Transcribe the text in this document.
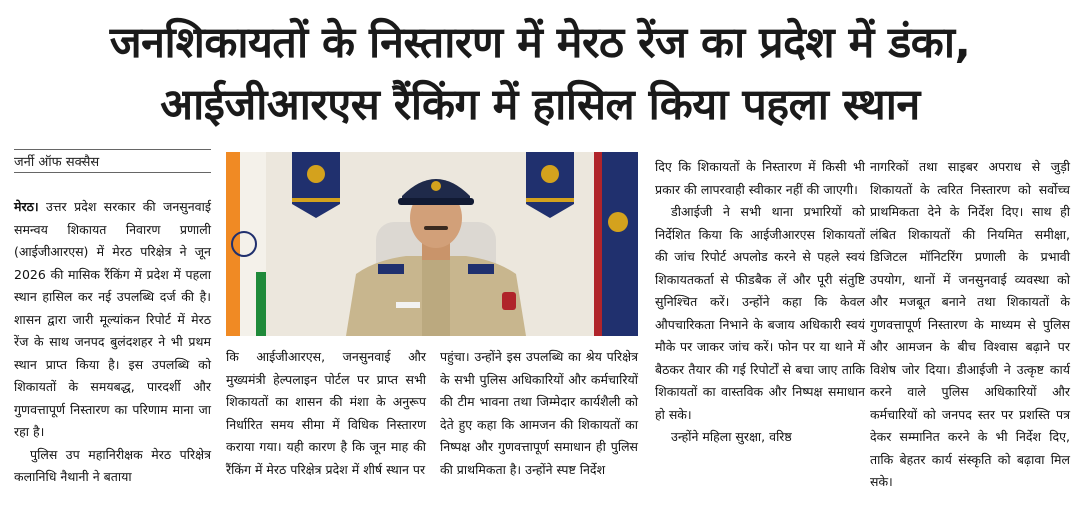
जनशिकायतों के निस्तारण में मेरठ रेंज का प्रदेश में डंका,
आईजीआरएस रैंकिंग में हासिल किया पहला स्थान
जर्नी ऑफ सक्सैस

मेरठ। उत्तर प्रदेश सरकार की जनसुनवाई समन्वय शिकायत निवारण प्रणाली (आईजीआरएस) में मेरठ परिक्षेत्र ने जून 2026 की मासिक रैंकिंग में प्रदेश में पहला स्थान हासिल कर नई उपलब्धि दर्ज की है। शासन द्वारा जारी मूल्यांकन रिपोर्ट में मेरठ रेंज के साथ जनपद बुलंदशहर ने भी प्रथम स्थान प्राप्त किया है। इस उपलब्धि को शिकायतों के समयबद्ध, पारदर्शी और गुणवत्तापूर्ण निस्तारण का परिणाम माना जा रहा है।

पुलिस उप महानिरीक्षक मेरठ परिक्षेत्र कलानिधि नैथानी ने बताया

कि आईजीआरएस, जनसुनवाई और मुख्यमंत्री हेल्पलाइन पोर्टल पर प्राप्त सभी शिकायतों का शासन की मंशा के अनुरूप निर्धारित समय सीमा में विधिक निस्तारण कराया गया। यही कारण है कि जून माह की रैंकिंग में मेरठ परिक्षेत्र प्रदेश में शीर्ष स्थान पर

पहुंचा। उन्होंने इस उपलब्धि का श्रेय परिक्षेत्र के सभी पुलिस अधिकारियों और कर्मचारियों की टीम भावना तथा जिम्मेदार कार्यशैली को देते हुए कहा कि आमजन की शिकायतों का निष्पक्ष और गुणवत्तापूर्ण समाधान ही पुलिस की प्राथमिकता है। उन्होंने स्पष्ट निर्देश

दिए कि शिकायतों के निस्तारण में किसी भी प्रकार की लापरवाही स्वीकार नहीं की जाएगी।

डीआईजी ने सभी थाना प्रभारियों को निर्देशित किया कि आईजीआरएस शिकायतों की जांच रिपोर्ट अपलोड करने से पहले स्वयं शिकायतकर्ता से फीडबैक लें और पूरी संतुष्टि सुनिश्चित करें। उन्होंने कहा कि केवल औपचारिकता निभाने के बजाय अधिकारी स्वयं मौके पर जाकर जांच करें। फोन पर या थाने में बैठकर तैयार की गई रिपोर्टों से बचा जाए ताकि शिकायतों का वास्तविक और निष्पक्ष समाधान हो सके।

उन्होंने महिला सुरक्षा, वरिष्ठ

नागरिकों तथा साइबर अपराध से जुड़ी शिकायतों के त्वरित निस्तारण को सर्वोच्च प्राथमिकता देने के निर्देश दिए। साथ ही लंबित शिकायतों की नियमित समीक्षा, डिजिटल मॉनिटरिंग प्रणाली के प्रभावी उपयोग, थानों में जनसुनवाई व्यवस्था को और मजबूत बनाने तथा शिकायतों के गुणवत्तापूर्ण निस्तारण के माध्यम से पुलिस और आमजन के बीच विश्वास बढ़ाने पर विशेष जोर दिया। डीआईजी ने उत्कृष्ट कार्य करने वाले पुलिस अधिकारियों और कर्मचारियों को जनपद स्तर पर प्रशस्ति पत्र देकर सम्मानित करने के भी निर्देश दिए, ताकि बेहतर कार्य संस्कृति को बढ़ावा मिल सके।
